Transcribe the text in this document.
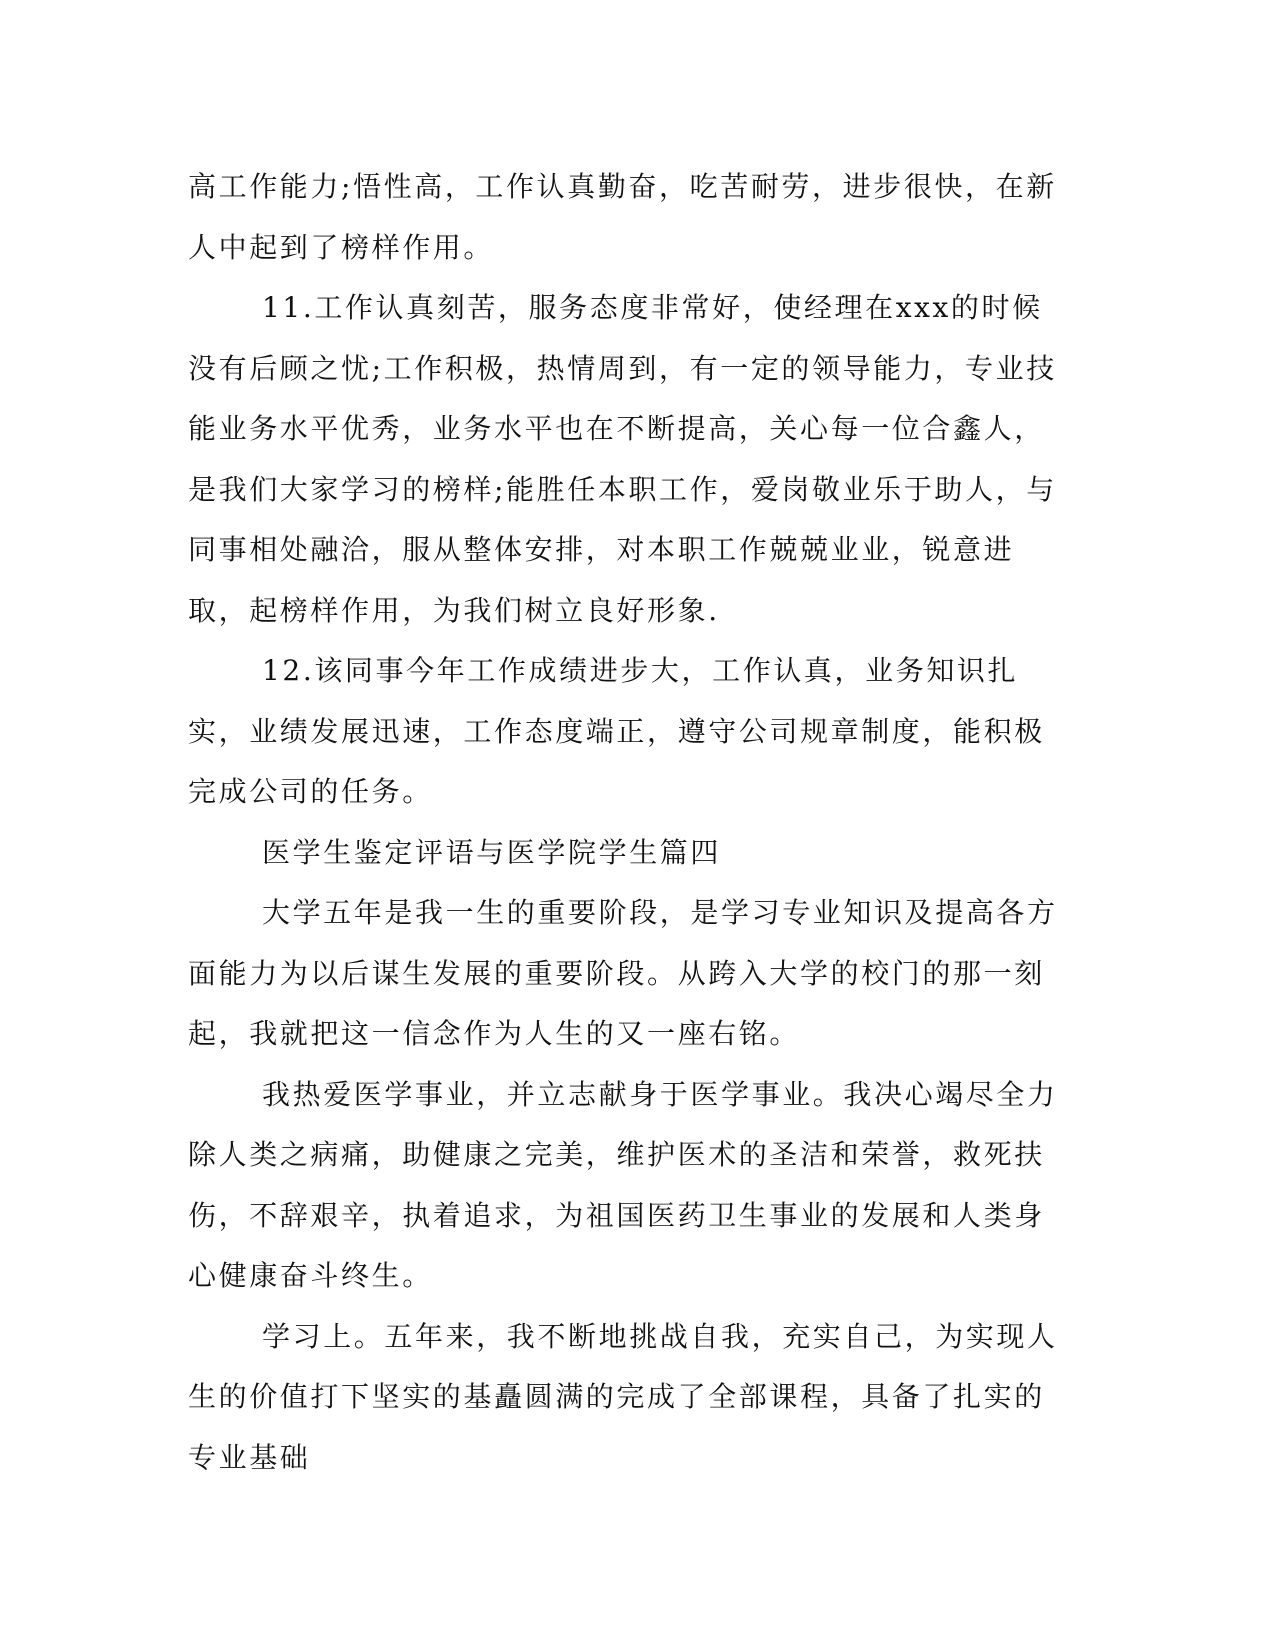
高工作能力;悟性高，工作认真勤奋，吃苦耐劳，进步很快，在新人中起到了榜样作用。

11.工作认真刻苦，服务态度非常好，使经理在xxx的时候没有后顾之忧;工作积极，热情周到，有一定的领导能力，专业技能业务水平优秀，业务水平也在不断提高，关心每一位合鑫人，是我们大家学习的榜样;能胜任本职工作，爱岗敬业乐于助人，与同事相处融洽，服从整体安排，对本职工作兢兢业业，锐意进取，起榜样作用，为我们树立良好形象.

12.该同事今年工作成绩进步大，工作认真，业务知识扎实，业绩发展迅速，工作态度端正，遵守公司规章制度，能积极完成公司的任务。

医学生鉴定评语与医学院学生篇四

大学五年是我一生的重要阶段，是学习专业知识及提高各方面能力为以后谋生发展的重要阶段。从跨入大学的校门的那一刻起，我就把这一信念作为人生的又一座右铭。

我热爱医学事业，并立志献身于医学事业。我决心竭尽全力除人类之病痛，助健康之完美，维护医术的圣洁和荣誉，救死扶伤，不辞艰辛，执着追求，为祖国医药卫生事业的发展和人类身心健康奋斗终生。

学习上。五年来，我不断地挑战自我，充实自己，为实现人生的价值打下坚实的基矗圆满的完成了全部课程，具备了扎实的专业基础
